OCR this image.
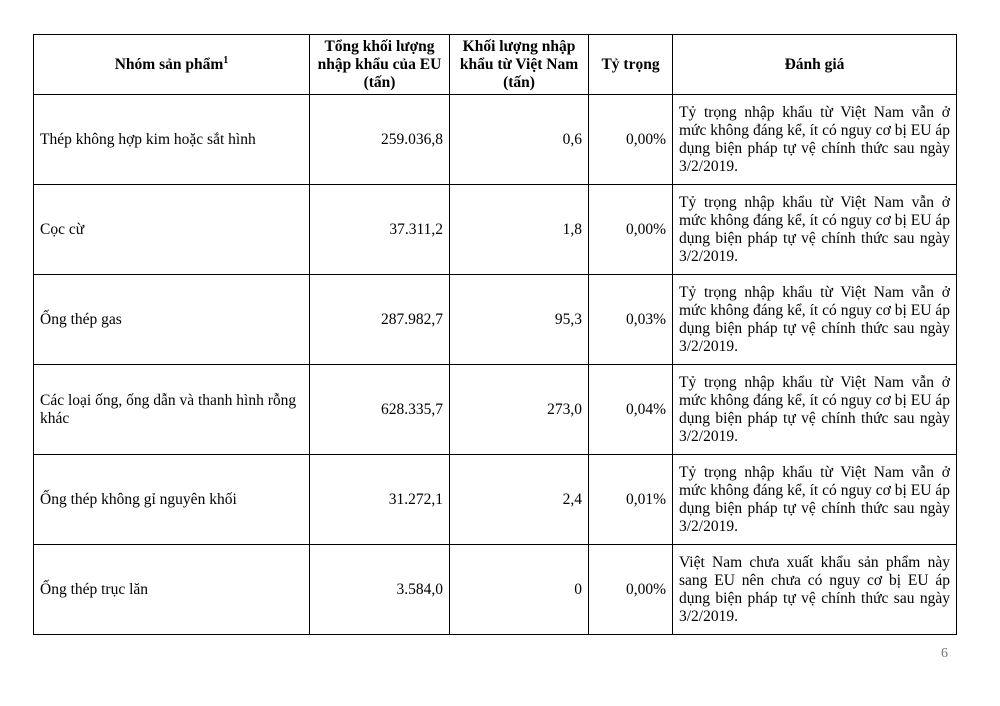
Nhóm sản phẩm$^1$	Tổng khối lượng nhập khẩu của EU (tấn)	Khối lượng nhập khẩu từ Việt Nam (tấn)	Tỷ trọng	Đánh giá
Thép không hợp kim hoặc sắt hình	259.036,8	0,6	0,00%	Tỷ trọng nhập khẩu từ Việt Nam vẫn ở mức không đáng kể, ít có nguy cơ bị EU áp dụng biện pháp tự vệ chính thức sau ngày 3/2/2019.
Cọc cừ	37.311,2	1,8	0,00%	Tỷ trọng nhập khẩu từ Việt Nam vẫn ở mức không đáng kể, ít có nguy cơ bị EU áp dụng biện pháp tự vệ chính thức sau ngày 3/2/2019.
Ống thép gas	287.982,7	95,3	0,03%	Tỷ trọng nhập khẩu từ Việt Nam vẫn ở mức không đáng kể, ít có nguy cơ bị EU áp dụng biện pháp tự vệ chính thức sau ngày 3/2/2019.
Các loại ống, ống dẫn và thanh hình rỗng khác	628.335,7	273,0	0,04%	Tỷ trọng nhập khẩu từ Việt Nam vẫn ở mức không đáng kể, ít có nguy cơ bị EU áp dụng biện pháp tự vệ chính thức sau ngày 3/2/2019.
Ống thép không gỉ nguyên khối	31.272,1	2,4	0,01%	Tỷ trọng nhập khẩu từ Việt Nam vẫn ở mức không đáng kể, ít có nguy cơ bị EU áp dụng biện pháp tự vệ chính thức sau ngày 3/2/2019.
Ống thép trục lăn	3.584,0	0	0,00%	Việt Nam chưa xuất khẩu sản phẩm này sang EU nên chưa có nguy cơ bị EU áp dụng biện pháp tự vệ chính thức sau ngày 3/2/2019.
6
